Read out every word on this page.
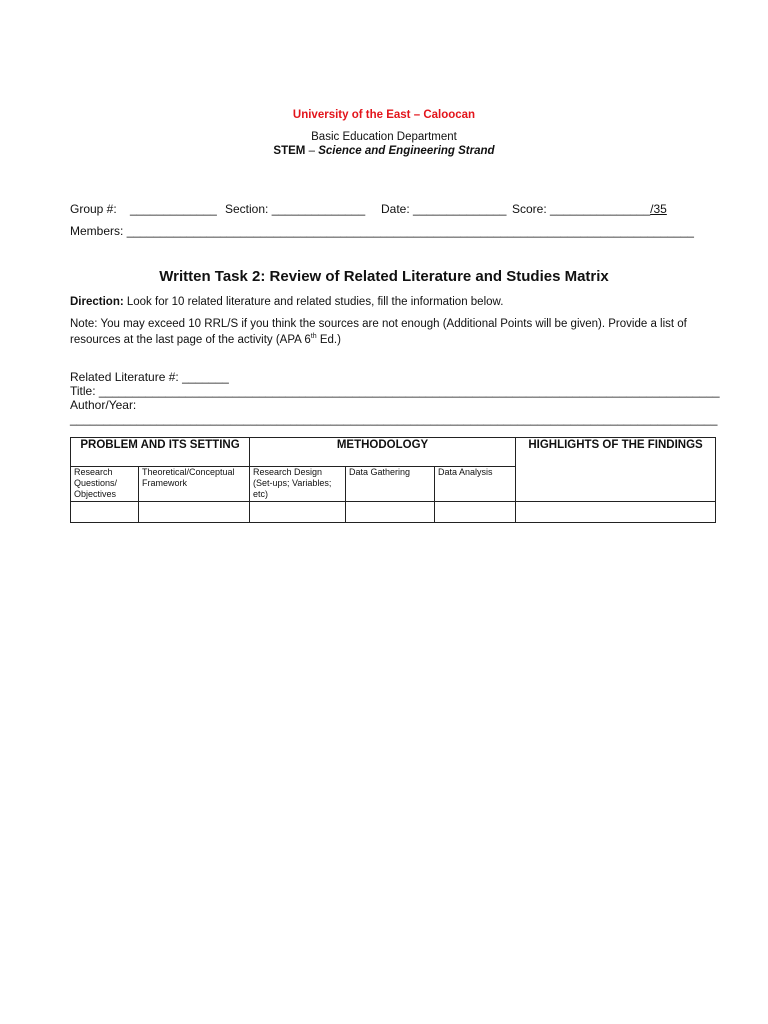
University of the East – Caloocan
Basic Education Department
STEM – Science and Engineering Strand
Group #: _____________ Section: ______________ Date: ______________ Score: _______________/35
Members: _____________________________________________________________________________________
Written Task 2: Review of Related Literature and Studies Matrix
Direction: Look for 10 related literature and related studies, fill the information below.
Note: You may exceed 10 RRL/S if you think the sources are not enough (Additional Points will be given). Provide a list of
resources at the last page of the activity (APA 6th Ed.)
Related Literature #: _______
Title: _____________________________________________________________________________________________
Author/Year:
_________________________________________________________________________________________________
PROBLEM AND ITS SETTING		METHODOLOGY			HIGHLIGHTS OF THE FINDINGS
Research Questions/ Objectives	Theoretical/Conceptual Framework	Research Design (Set-ups; Variables; etc)	Data Gathering	Data Analysis	
